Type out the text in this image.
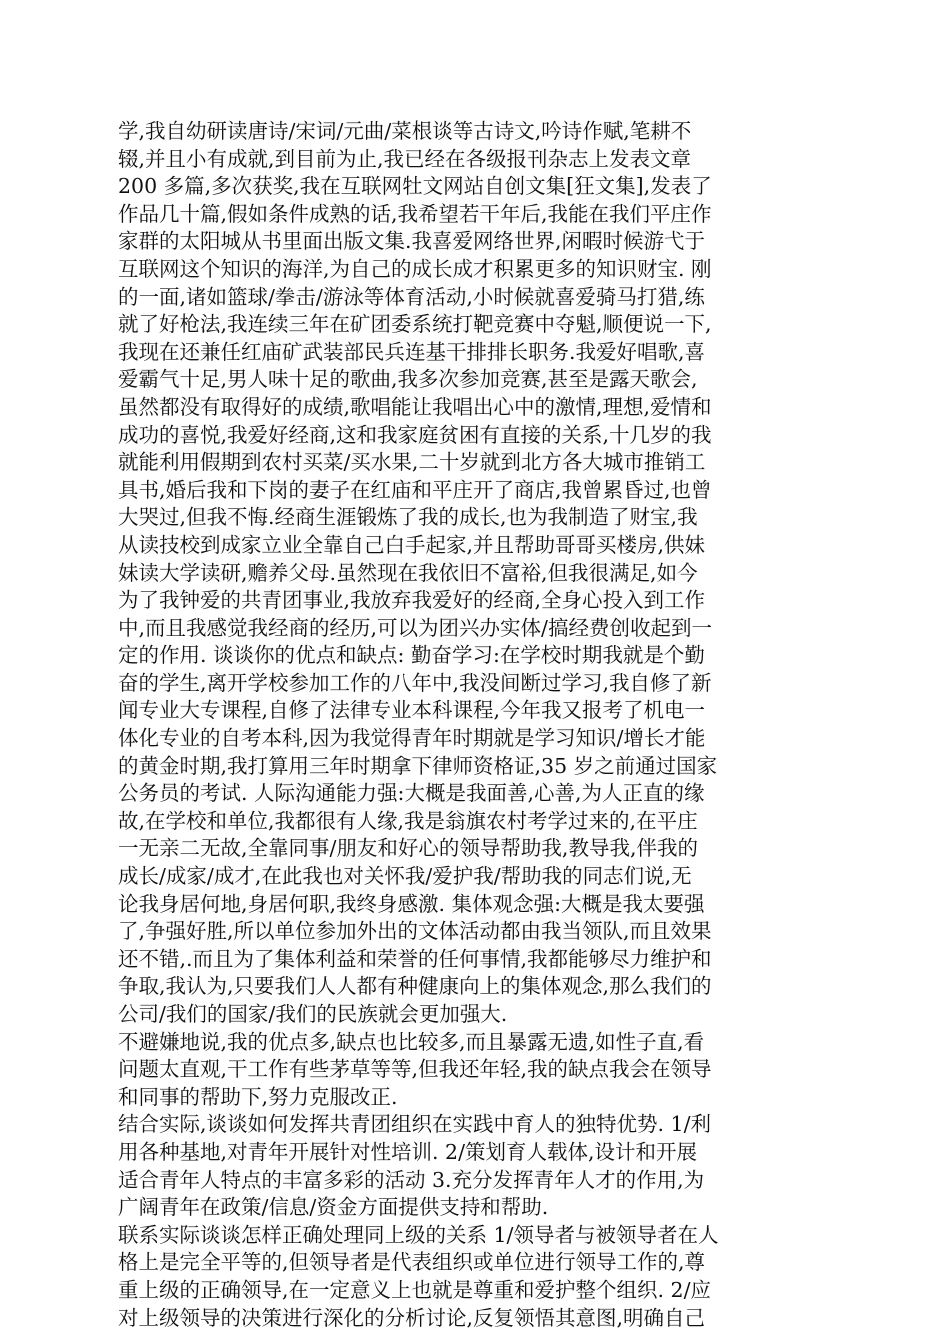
学,我自幼研读唐诗/宋词/元曲/菜根谈等古诗文,吟诗作赋,笔耕不
辍,并且小有成就,到目前为止,我已经在各级报刊杂志上发表文章
200 多篇,多次获奖,我在互联网牡文网站自创文集[狂文集],发表了
作品几十篇,假如条件成熟的话,我希望若干年后,我能在我们平庄作
家群的太阳城从书里面出版文集.我喜爱网络世界,闲暇时候游弋于
互联网这个知识的海洋,为自己的成长成才积累更多的知识财宝. 刚
的一面,诸如篮球/拳击/游泳等体育活动,小时候就喜爱骑马打猎,练
就了好枪法,我连续三年在矿团委系统打靶竞赛中夺魁,顺便说一下,
我现在还兼任红庙矿武装部民兵连基干排排长职务.我爱好唱歌,喜
爱霸气十足,男人味十足的歌曲,我多次参加竞赛,甚至是露天歌会,
虽然都没有取得好的成绩,歌唱能让我唱出心中的激情,理想,爱情和
成功的喜悦,我爱好经商,这和我家庭贫困有直接的关系,十几岁的我
就能利用假期到农村买菜/买水果,二十岁就到北方各大城市推销工
具书,婚后我和下岗的妻子在红庙和平庄开了商店,我曾累昏过,也曾
大哭过,但我不悔.经商生涯锻炼了我的成长,也为我制造了财宝,我
从读技校到成家立业全靠自己白手起家,并且帮助哥哥买楼房,供妹
妹读大学读研,赡养父母.虽然现在我依旧不富裕,但我很满足,如今
为了我钟爱的共青团事业,我放弃我爱好的经商,全身心投入到工作
中,而且我感觉我经商的经历,可以为团兴办实体/搞经费创收起到一
定的作用. 谈谈你的优点和缺点: 勤奋学习:在学校时期我就是个勤
奋的学生,离开学校参加工作的八年中,我没间断过学习,我自修了新
闻专业大专课程,自修了法律专业本科课程,今年我又报考了机电一
体化专业的自考本科,因为我觉得青年时期就是学习知识/增长才能
的黄金时期,我打算用三年时期拿下律师资格证,35 岁之前通过国家
公务员的考试. 人际沟通能力强:大概是我面善,心善,为人正直的缘
故,在学校和单位,我都很有人缘,我是翁旗农村考学过来的,在平庄
一无亲二无故,全靠同事/朋友和好心的领导帮助我,教导我,伴我的
成长/成家/成才,在此我也对关怀我/爱护我/帮助我的同志们说,无
论我身居何地,身居何职,我终身感激. 集体观念强:大概是我太要强
了,争强好胜,所以单位参加外出的文体活动都由我当领队,而且效果
还不错,.而且为了集体利益和荣誉的任何事情,我都能够尽力维护和
争取,我认为,只要我们人人都有种健康向上的集体观念,那么我们的
公司/我们的国家/我们的民族就会更加强大.
不避嫌地说,我的优点多,缺点也比较多,而且暴露无遗,如性子直,看
问题太直观,干工作有些茅草等等,但我还年轻,我的缺点我会在领导
和同事的帮助下,努力克服改正.
结合实际,谈谈如何发挥共青团组织在实践中育人的独特优势. 1/利
用各种基地,对青年开展针对性培训. 2/策划育人载体,设计和开展
适合青年人特点的丰富多彩的活动 3.充分发挥青年人才的作用,为
广阔青年在政策/信息/资金方面提供支持和帮助.
联系实际谈谈怎样正确处理同上级的关系 1/领导者与被领导者在人
格上是完全平等的,但领导者是代表组织或单位进行领导工作的,尊
重上级的正确领导,在一定意义上也就是尊重和爱护整个组织. 2/应
对上级领导的决策进行深化的分析讨论,反复领悟其意图,明确自己
